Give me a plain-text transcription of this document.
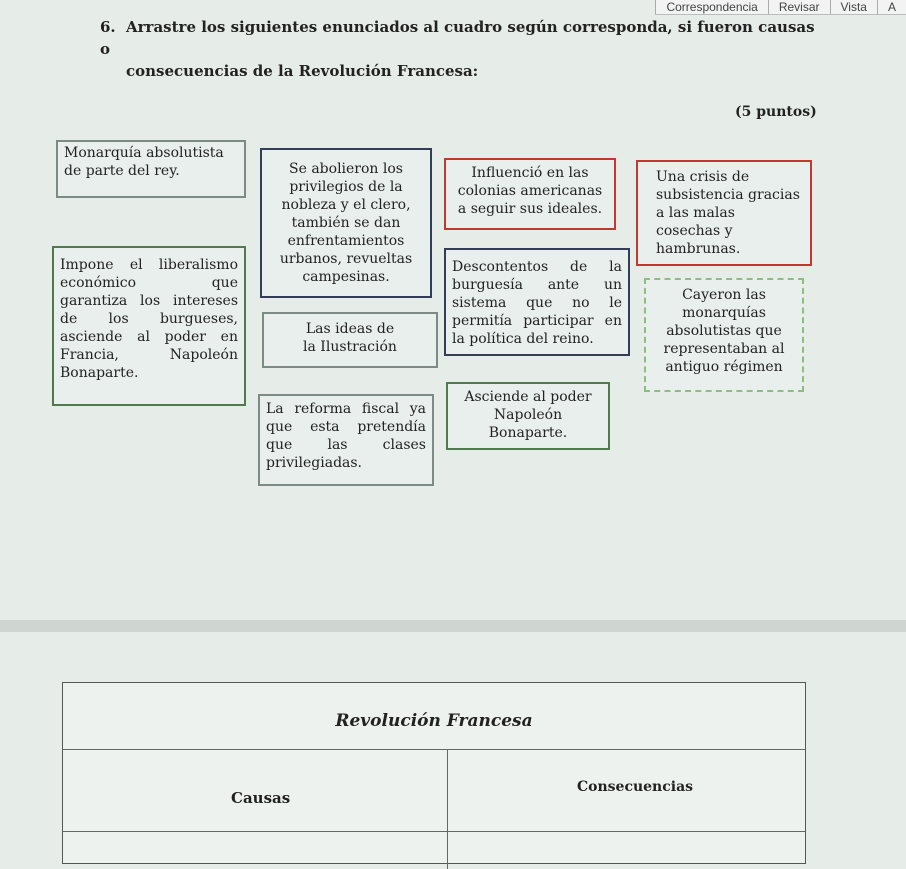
Correspondencia	Revisar	Vista	A
6. Arrastre los siguientes enunciados al cuadro según corresponda, si fueron causas o
consecuencias de la Revolución Francesa:
(5 puntos)
Monarquía absolutista de parte del rey.	Se abolieron los privilegios de la nobleza y el clero, también se dan enfrentamientos urbanos, revueltas campesinas.
Influenció en las colonias americanas a seguir sus ideales.
Una crisis de subsistencia gracias a las malas cosechas y hambrunas.
Impone el liberalismo económico que garantiza los intereses de los burgueses, asciende al poder en Francia, Napoleón Bonaparte.
Descontentos de la burguesía ante un sistema que no le permitía participar en la política del reino.
Cayeron las monarquías absolutistas que representaban al antiguo régimen
Las ideas de la Ilustración
Asciende al poder Napoleón Bonaparte.
La reforma fiscal ya que esta pretendía que las clases privilegiadas.
Revolución Francesa
Causas
Consecuencias
